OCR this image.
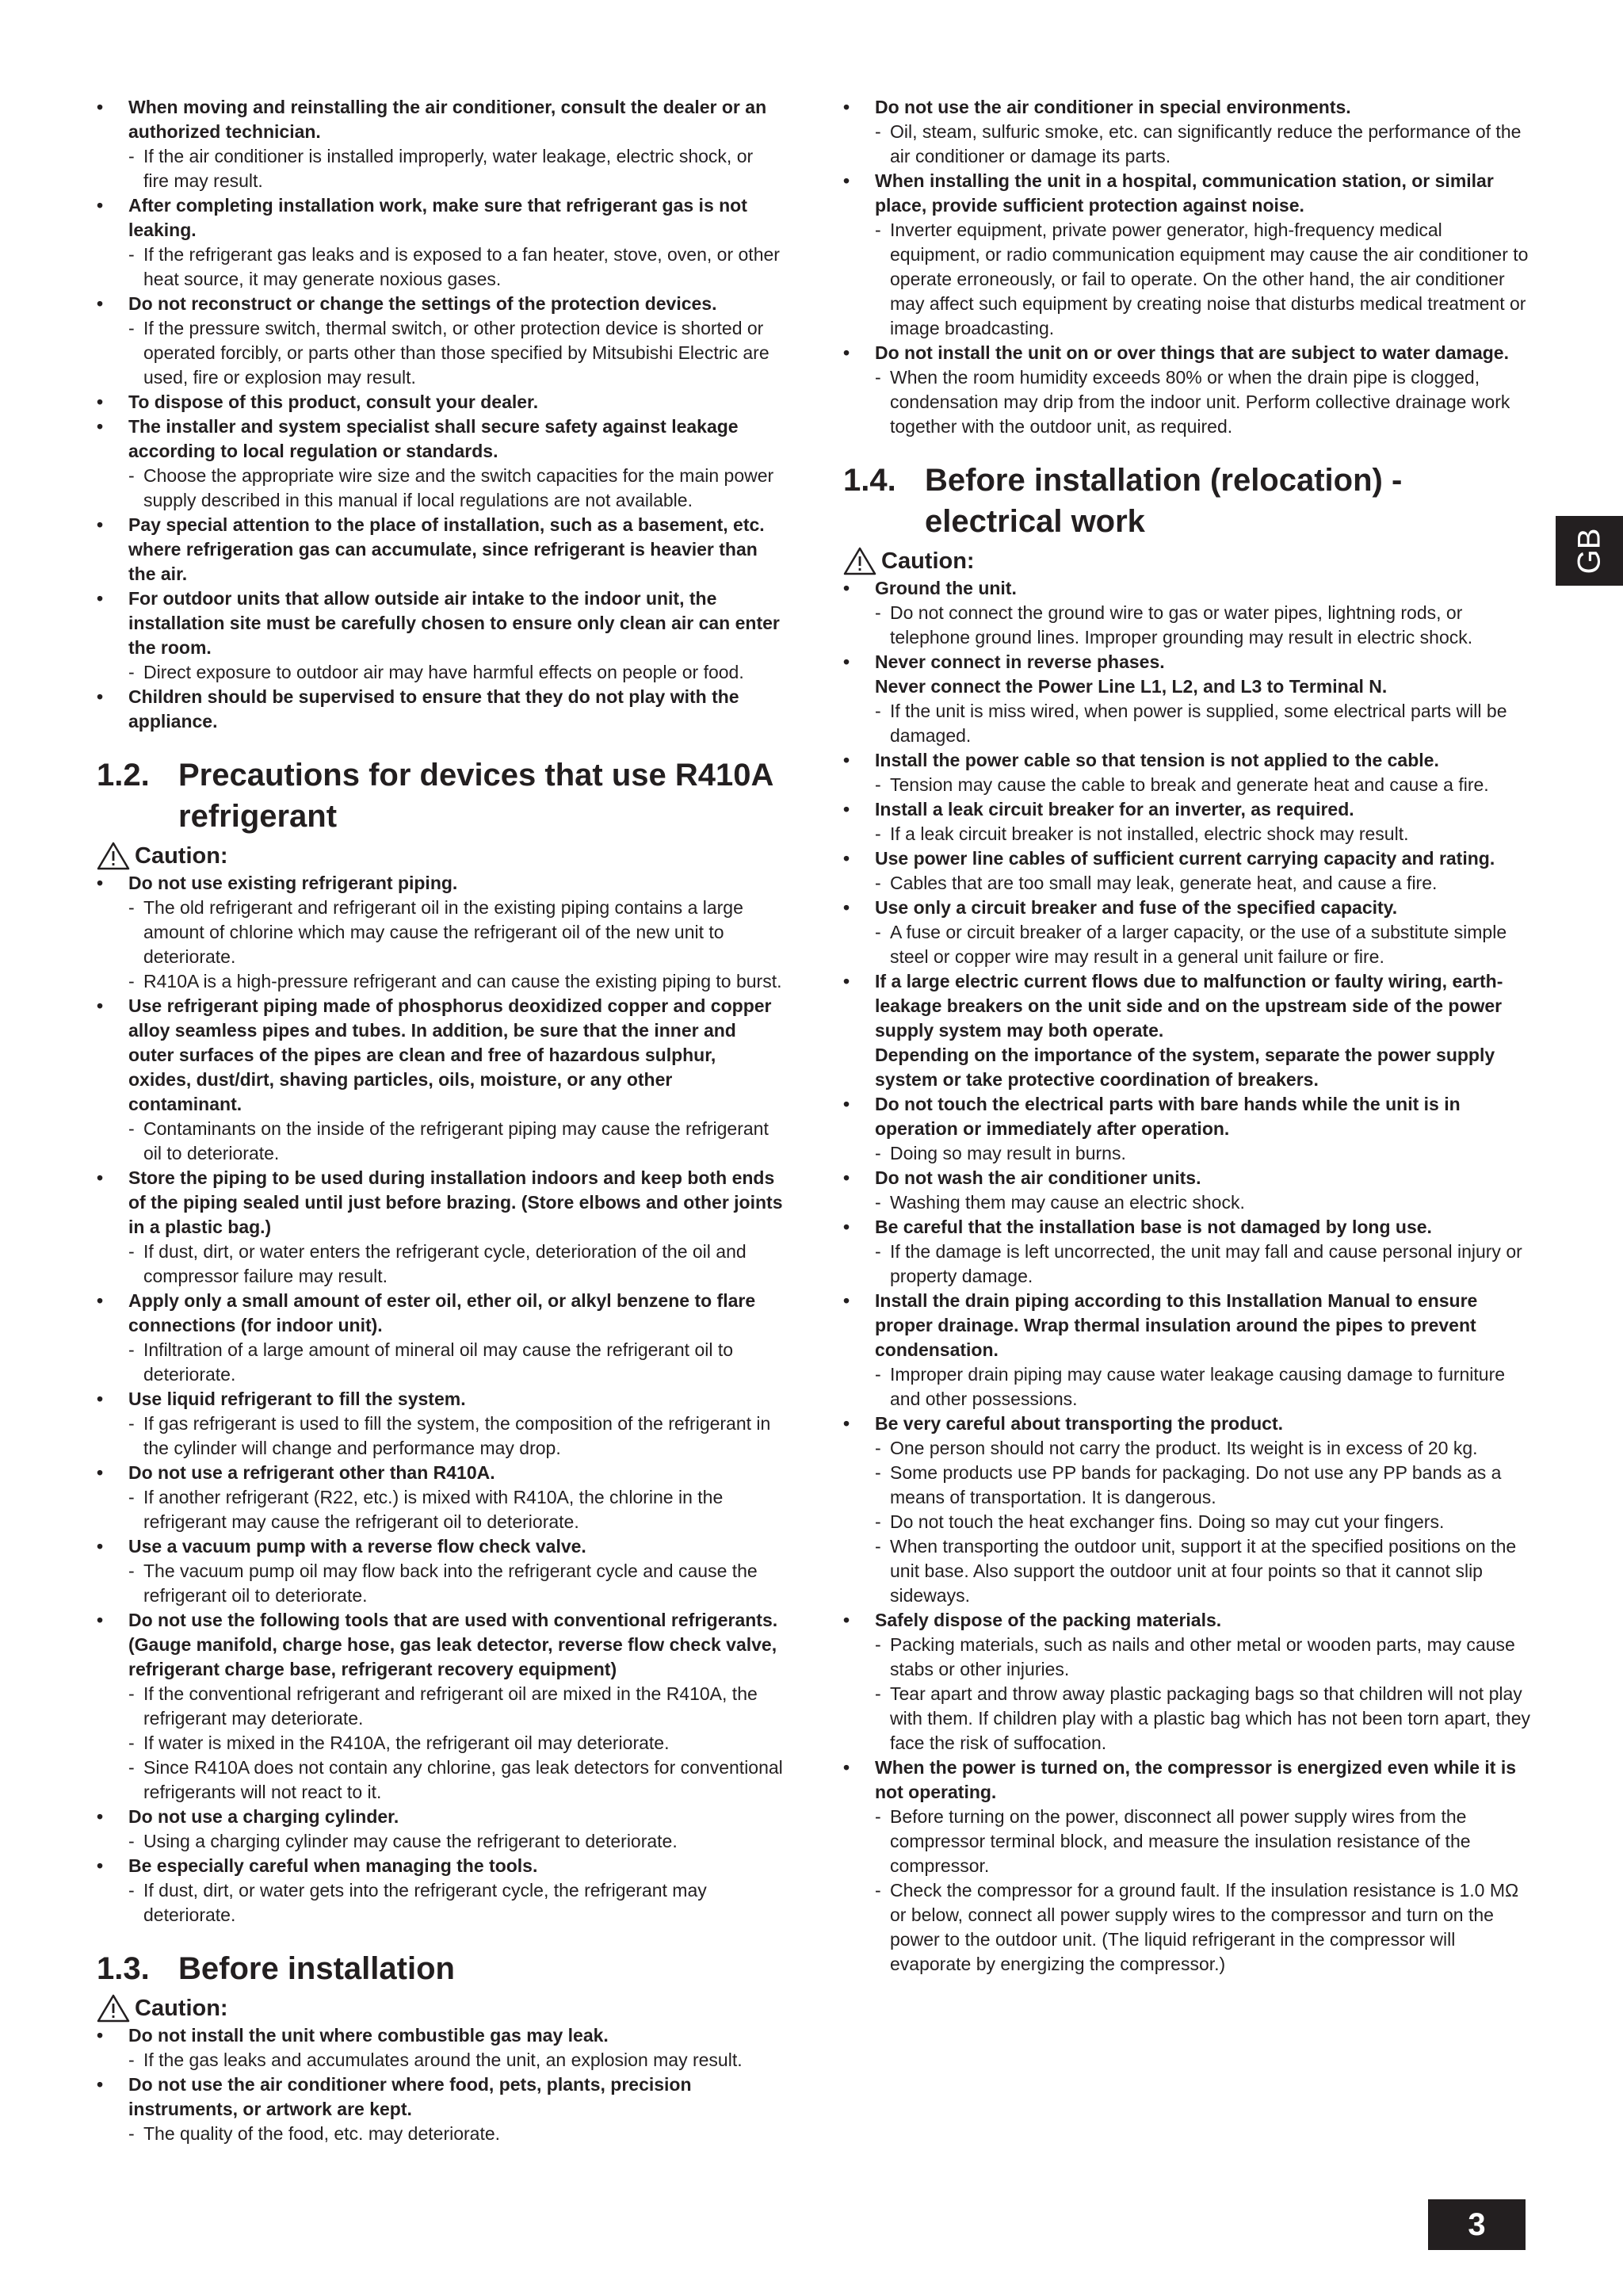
• When moving and reinstalling the air conditioner, consult the dealer or an authorized technician.
- If the air conditioner is installed improperly, water leakage, electric shock, or fire may result.
• After completing installation work, make sure that refrigerant gas is not leaking.
- If the refrigerant gas leaks and is exposed to a fan heater, stove, oven, or other heat source, it may generate noxious gases.
• Do not reconstruct or change the settings of the protection devices.
- If the pressure switch, thermal switch, or other protection device is shorted or operated forcibly, or parts other than those specified by Mitsubishi Electric are used, fire or explosion may result.
• To dispose of this product, consult your dealer.
• The installer and system specialist shall secure safety against leakage according to local regulation or standards.
- Choose the appropriate wire size and the switch capacities for the main power supply described in this manual if local regulations are not available.
• Pay special attention to the place of installation, such as a basement, etc. where refrigeration gas can accumulate, since refrigerant is heavier than the air.
• For outdoor units that allow outside air intake to the indoor unit, the installation site must be carefully chosen to ensure only clean air can enter the room.
- Direct exposure to outdoor air may have harmful effects on people or food.
• Children should be supervised to ensure that they do not play with the appliance.
1.2. Precautions for devices that use R410A refrigerant
Caution:
• Do not use existing refrigerant piping.
- The old refrigerant and refrigerant oil in the existing piping contains a large amount of chlorine which may cause the refrigerant oil of the new unit to deteriorate.
- R410A is a high-pressure refrigerant and can cause the existing piping to burst.
• Use refrigerant piping made of phosphorus deoxidized copper and copper alloy seamless pipes and tubes. In addition, be sure that the inner and outer surfaces of the pipes are clean and free of hazardous sulphur, oxides, dust/dirt, shaving particles, oils, moisture, or any other contaminant.
- Contaminants on the inside of the refrigerant piping may cause the refrigerant oil to deteriorate.
• Store the piping to be used during installation indoors and keep both ends of the piping sealed until just before brazing. (Store elbows and other joints in a plastic bag.)
- If dust, dirt, or water enters the refrigerant cycle, deterioration of the oil and compressor failure may result.
• Apply only a small amount of ester oil, ether oil, or alkyl benzene to flare connections (for indoor unit).
- Infiltration of a large amount of mineral oil may cause the refrigerant oil to deteriorate.
• Use liquid refrigerant to fill the system.
- If gas refrigerant is used to fill the system, the composition of the refrigerant in the cylinder will change and performance may drop.
• Do not use a refrigerant other than R410A.
- If another refrigerant (R22, etc.) is mixed with R410A, the chlorine in the refrigerant may cause the refrigerant oil to deteriorate.
• Use a vacuum pump with a reverse flow check valve.
- The vacuum pump oil may flow back into the refrigerant cycle and cause the refrigerant oil to deteriorate.
• Do not use the following tools that are used with conventional refrigerants.
(Gauge manifold, charge hose, gas leak detector, reverse flow check valve, refrigerant charge base, refrigerant recovery equipment)
- If the conventional refrigerant and refrigerant oil are mixed in the R410A, the refrigerant may deteriorate.
- If water is mixed in the R410A, the refrigerant oil may deteriorate.
- Since R410A does not contain any chlorine, gas leak detectors for conventional refrigerants will not react to it.
• Do not use a charging cylinder.
- Using a charging cylinder may cause the refrigerant to deteriorate.
• Be especially careful when managing the tools.
- If dust, dirt, or water gets into the refrigerant cycle, the refrigerant may deteriorate.
1.3. Before installation
Caution:
• Do not install the unit where combustible gas may leak.
- If the gas leaks and accumulates around the unit, an explosion may result.
• Do not use the air conditioner where food, pets, plants, precision instruments, or artwork are kept.
- The quality of the food, etc. may deteriorate.
• Do not use the air conditioner in special environments.
- Oil, steam, sulfuric smoke, etc. can significantly reduce the performance of the air conditioner or damage its parts.
• When installing the unit in a hospital, communication station, or similar place, provide sufficient protection against noise.
- Inverter equipment, private power generator, high-frequency medical equipment, or radio communication equipment may cause the air conditioner to operate erroneously, or fail to operate. On the other hand, the air conditioner may affect such equipment by creating noise that disturbs medical treatment or image broadcasting.
• Do not install the unit on or over things that are subject to water damage.
- When the room humidity exceeds 80% or when the drain pipe is clogged, condensation may drip from the indoor unit. Perform collective drainage work together with the outdoor unit, as required.
1.4. Before installation (relocation) - electrical work
Caution:
• Ground the unit.
- Do not connect the ground wire to gas or water pipes, lightning rods, or telephone ground lines. Improper grounding may result in electric shock.
• Never connect in reverse phases.
Never connect the Power Line L1, L2, and L3 to Terminal N.
- If the unit is miss wired, when power is supplied, some electrical parts will be damaged.
• Install the power cable so that tension is not applied to the cable.
- Tension may cause the cable to break and generate heat and cause a fire.
• Install a leak circuit breaker for an inverter, as required.
- If a leak circuit breaker is not installed, electric shock may result.
• Use power line cables of sufficient current carrying capacity and rating.
- Cables that are too small may leak, generate heat, and cause a fire.
• Use only a circuit breaker and fuse of the specified capacity.
- A fuse or circuit breaker of a larger capacity, or the use of a substitute simple steel or copper wire may result in a general unit failure or fire.
• If a large electric current flows due to malfunction or faulty wiring, earth-leakage breakers on the unit side and on the upstream side of the power supply system may both operate.
Depending on the importance of the system, separate the power supply system or take protective coordination of breakers.
• Do not touch the electrical parts with bare hands while the unit is in operation or immediately after operation.
- Doing so may result in burns.
• Do not wash the air conditioner units.
- Washing them may cause an electric shock.
• Be careful that the installation base is not damaged by long use.
- If the damage is left uncorrected, the unit may fall and cause personal injury or property damage.
• Install the drain piping according to this Installation Manual to ensure proper drainage. Wrap thermal insulation around the pipes to prevent condensation.
- Improper drain piping may cause water leakage causing damage to furniture and other possessions.
• Be very careful about transporting the product.
- One person should not carry the product. Its weight is in excess of 20 kg.
- Some products use PP bands for packaging. Do not use any PP bands as a means of transportation. It is dangerous.
- Do not touch the heat exchanger fins. Doing so may cut your fingers.
- When transporting the outdoor unit, support it at the specified positions on the unit base. Also support the outdoor unit at four points so that it cannot slip sideways.
• Safely dispose of the packing materials.
- Packing materials, such as nails and other metal or wooden parts, may cause stabs or other injuries.
- Tear apart and throw away plastic packaging bags so that children will not play with them. If children play with a plastic bag which has not been torn apart, they face the risk of suffocation.
• When the power is turned on, the compressor is energized even while it is not operating.
- Before turning on the power, disconnect all power supply wires from the compressor terminal block, and measure the insulation resistance of the compressor.
- Check the compressor for a ground fault. If the insulation resistance is 1.0 MΩ or below, connect all power supply wires to the compressor and turn on the power to the outdoor unit. (The liquid refrigerant in the compressor will evaporate by energizing the compressor.)
GB
3
